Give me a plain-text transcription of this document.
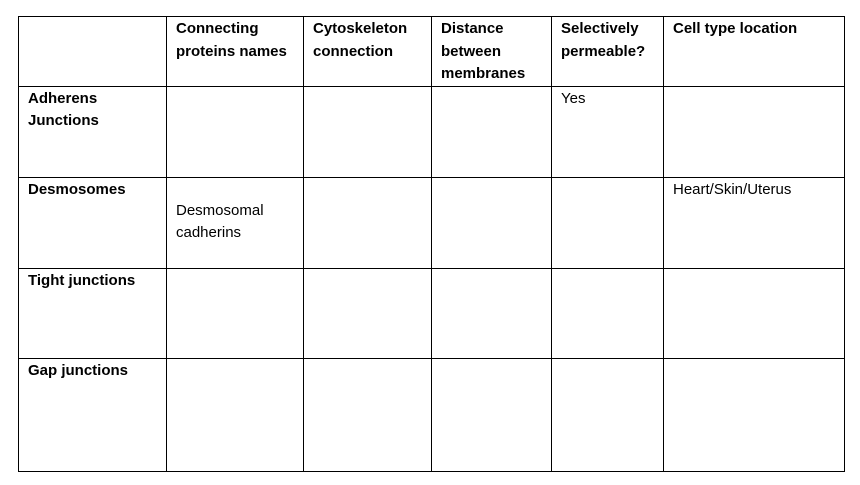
	Connecting proteins names	Cytoskeleton connection	Distance between membranes	Selectively permeable?	Cell type location
Adherens Junctions				Yes	
Desmosomes	Desmosomal cadherins				Heart/Skin/Uterus
Tight junctions					
Gap junctions					
